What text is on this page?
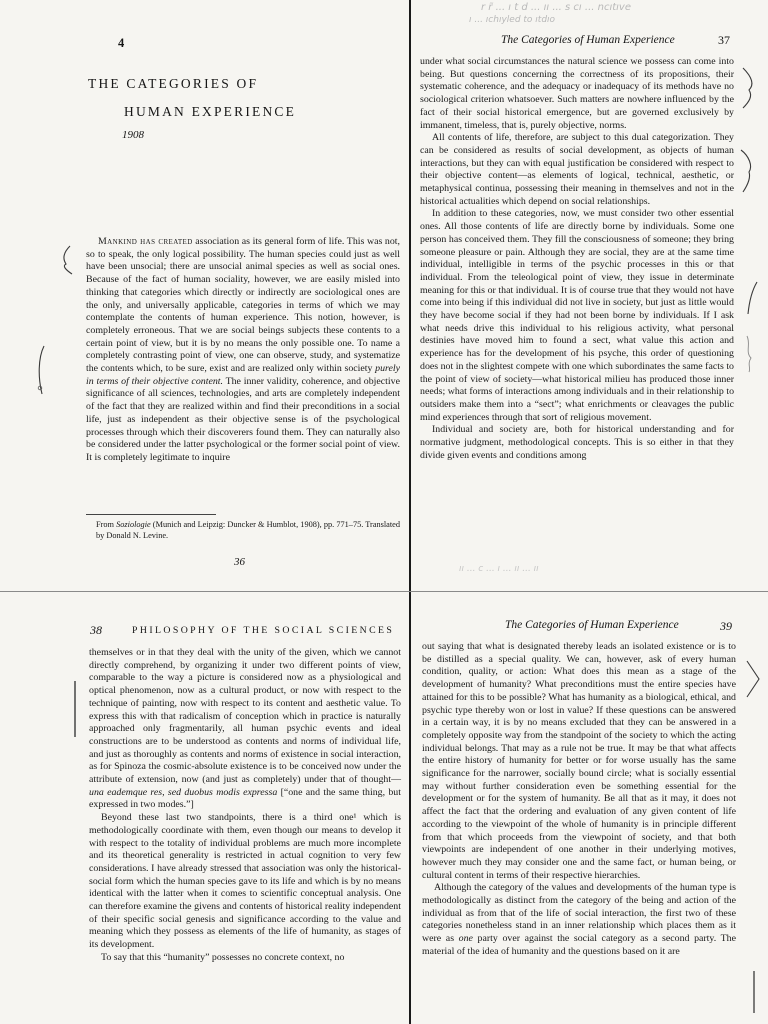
4
THE CATEGORIES OF
HUMAN EXPERIENCE
1908

Mankind has created association as its general form of life. This was not, so to speak, the only logical possibility. The human species could just as well have been unsocial; there are unsocial animal species as well as social ones. Because of the fact of human sociality, however, we are easily misled into thinking that categories which directly or indirectly are sociological ones are the only, and universally applicable, categories in terms of which we may contemplate the contents of human experience. This notion, however, is completely erroneous. That we are social beings subjects these contents to a certain point of view, but it is by no means the only possible one. To name a completely contrasting point of view, one can observe, study, and systematize the contents which, to be sure, exist and are realized only within society purely in terms of their objective content. The inner validity, coherence, and objective significance of all sciences, technologies, and arts are completely independent of the fact that they are realized within and find their preconditions in a social life, just as independent as their objective sense is of the psychological processes through which their discoverers found them. They can naturally also be considered under the latter psychological or the former social point of view. It is completely legitimate to inquire

From Soziologie (Munich and Leipzig: Duncker & Humblot, 1908), pp. 771–75. Translated by Donald N. Levine.
36
r r̃ ... ı t d ... ıı ... s cı ... ncıtıve
ı ... ıchıyled to ıtdıo
The Categories of Human Experience	37

under what social circumstances the natural science we possess can come into being. But questions concerning the correctness of its propositions, their systematic coherence, and the adequacy or inadequacy of its methods have no sociological criterion whatsoever. Such matters are nowhere influenced by the fact of their social historical emergence, but are governed exclusively by immanent, timeless, that is, purely objective, norms.

All contents of life, therefore, are subject to this dual categorization. They can be considered as results of social development, as objects of human interactions, but they can with equal justification be considered with respect to their objective content—as elements of logical, technical, aesthetic, or metaphysical continua, possessing their meaning in themselves and not in the historical actualities which depend on social relationships.

In addition to these categories, now, we must consider two other essential ones. All those contents of life are directly borne by individuals. Some one person has conceived them. They fill the consciousness of someone; they bring someone pleasure or pain. Although they are social, they are at the same time individual, intelligible in terms of the psychic processes in this or that individual. From the teleological point of view, they issue in determinate meaning for this or that individual. It is of course true that they would not have come into being if this individual did not live in society, but just as little would they have become social if they had not been borne by individuals. If I ask what needs drive this individual to his religious activity, what personal destinies have moved him to found a sect, what value this action and experience has for the development of his psyche, this order of questioning does not in the slightest compete with one which subordinates the same facts to the point of view of society—what historical milieu has produced those inner needs; what forms of interactions among individuals and in their relationship to outsiders make them into a “sect”; what enrichments or cleavages the public mind experiences through that sort of religious movement.

Individual and society are, both for historical understanding and for normative judgment, methodological concepts. This is so either in that they divide given events and conditions among

ıı ... c ... ı ... ıı ... ıı
38	PHILOSOPHY OF THE SOCIAL SCIENCES

themselves or in that they deal with the unity of the given, which we cannot directly comprehend, by organizing it under two different points of view, comparable to the way a picture is considered now as a physiological and optical phenomenon, now as a cultural product, or now with respect to the technique of painting, now with respect to its content and aesthetic value. To express this with that radicalism of conception which in practice is naturally approached only fragmentarily, all human psychic events and ideal constructions are to be understood as contents and norms of individual life, and just as thoroughly as contents and norms of existence in social interaction, as for Spinoza the cosmic-absolute existence is to be conceived now under the attribute of extension, now (and just as completely) under that of thought—una eademque res, sed duobus modis expressa [“one and the same thing, but expressed in two modes.”]

Beyond these last two standpoints, there is a third one¹ which is methodologically coordinate with them, even though our means to develop it with respect to the totality of individual problems are much more incomplete and its theoretical generality is restricted in actual cognition to very few considerations. I have already stressed that association was only the historical-social form which the human species gave to its life and which is by no means identical with the latter when it comes to scientific conceptual analysis. One can therefore examine the givens and contents of historical reality independent of their specific social genesis and significance according to the value and meaning which they possess as elements of the life of humanity, as stages of its development.

To say that this “humanity” possesses no concrete context, no

The Categories of Human Experience	39

out saying that what is designated thereby leads an isolated existence or is to be distilled as a special quality. We can, however, ask of every human condition, quality, or action: What does this mean as a stage of the development of humanity? What preconditions must the entire species have attained for this to be possible? What has humanity as a biological, ethical, and psychic type thereby won or lost in value? If these questions can be answered in a certain way, it is by no means excluded that they can be answered in a completely opposite way from the standpoint of the society to which the acting individual belongs. That may as a rule not be true. It may be that what affects the entire history of humanity for better or for worse usually has the same significance for the narrower, socially bound circle; what is socially essential may without further consideration even be something essential for the development or for the system of humanity. Be all that as it may, it does not affect the fact that the ordering and evaluation of any given content of life according to the viewpoint of the whole of humanity is in principle different from that which proceeds from the viewpoint of society, and that both viewpoints are independent of one another in their underlying motives, however much they may consider one and the same fact, or human being, or cultural content in terms of their respective hierarchies.

Although the category of the values and developments of the human type is methodologically as distinct from the category of the being and action of the individual as from that of the life of social interaction, the first two of these categories nonetheless stand in an inner relationship which places them as it were as one party over against the social category as a second party. The material of the idea of humanity and the questions based on it are
